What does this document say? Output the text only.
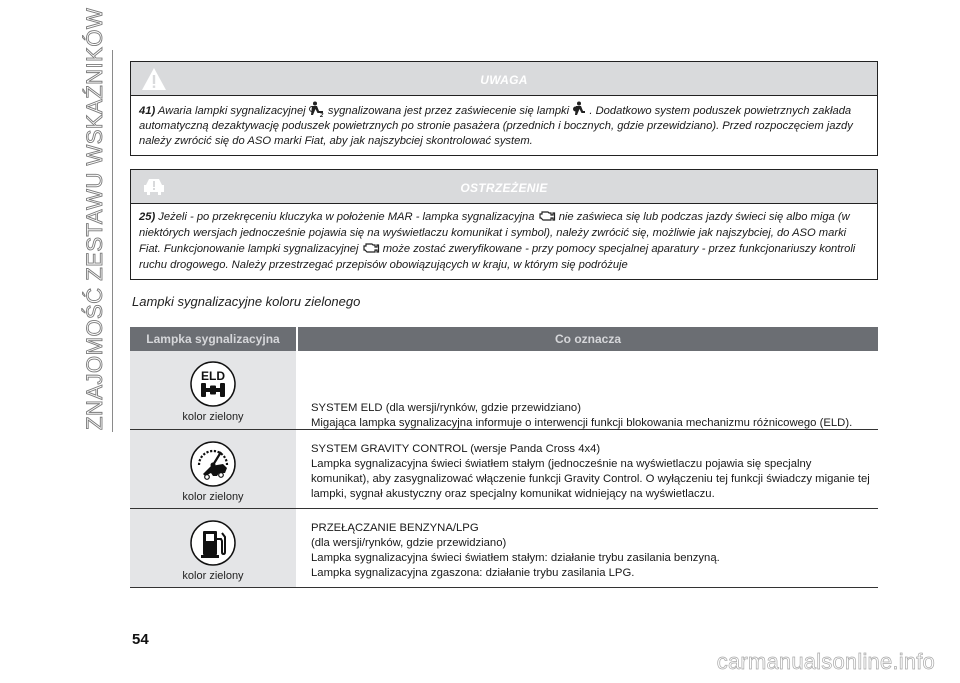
ZNAJOMOŚĆ ZESTAWU WSKAŹNIKÓW	UWAGA
41) Awaria lampki sygnalizacyjnej 2 sygnalizowana jest przez zaświecenie się lampki . Dodatkowo system poduszek powietrznych zakłada automatyczną dezaktywację poduszek powietrznych po stronie pasażera (przednich i bocznych, gdzie przewidziano). Przed rozpoczęciem jazdy należy zwrócić się do ASO marki Fiat, aby jak najszybciej skontrolować system.
OSTRZEŻENIE
25) Jeżeli - po przekręceniu kluczyka w położenie MAR - lampka sygnalizacyjna nie zaświeca się lub podczas jazdy świeci się albo miga (w niektórych wersjach jednocześnie pojawia się na wyświetlaczu komunikat i symbol), należy zwrócić się, możliwie jak najszybciej, do ASO marki Fiat. Funkcjonowanie lampki sygnalizacyjnej może zostać zweryfikowane - przy pomocy specjalnej aparatury - przez funkcjonariuszy kontroli ruchu drogowego. Należy przestrzegać przepisów obowiązujących w kraju, w którym się podróżuje
Lampki sygnalizacyjne koloru zielonego
Lampka sygnalizacyjna	Co oznacza
ELD
kolor zielony
SYSTEM ELD (dla wersji/rynków, gdzie przewidziano)
Migająca lampka sygnalizacyjna informuje o interwencji funkcji blokowania mechanizmu różnicowego (ELD).
kolor zielony
SYSTEM GRAVITY CONTROL (wersje Panda Cross 4x4)
Lampka sygnalizacyjna świeci światłem stałym (jednocześnie na wyświetlaczu pojawia się specjalny komunikat), aby zasygnalizować włączenie funkcji Gravity Control. O wyłączeniu tej funkcji świadczy miganie tej lampki, sygnał akustyczny oraz specjalny komunikat widniejący na wyświetlaczu.
kolor zielony
PRZEŁĄCZANIE BENZYNA/LPG
(dla wersji/rynków, gdzie przewidziano)
Lampka sygnalizacyjna świeci światłem stałym: działanie trybu zasilania benzyną.
Lampka sygnalizacyjna zgaszona: działanie trybu zasilania LPG.
54
carmanualsonline.info
